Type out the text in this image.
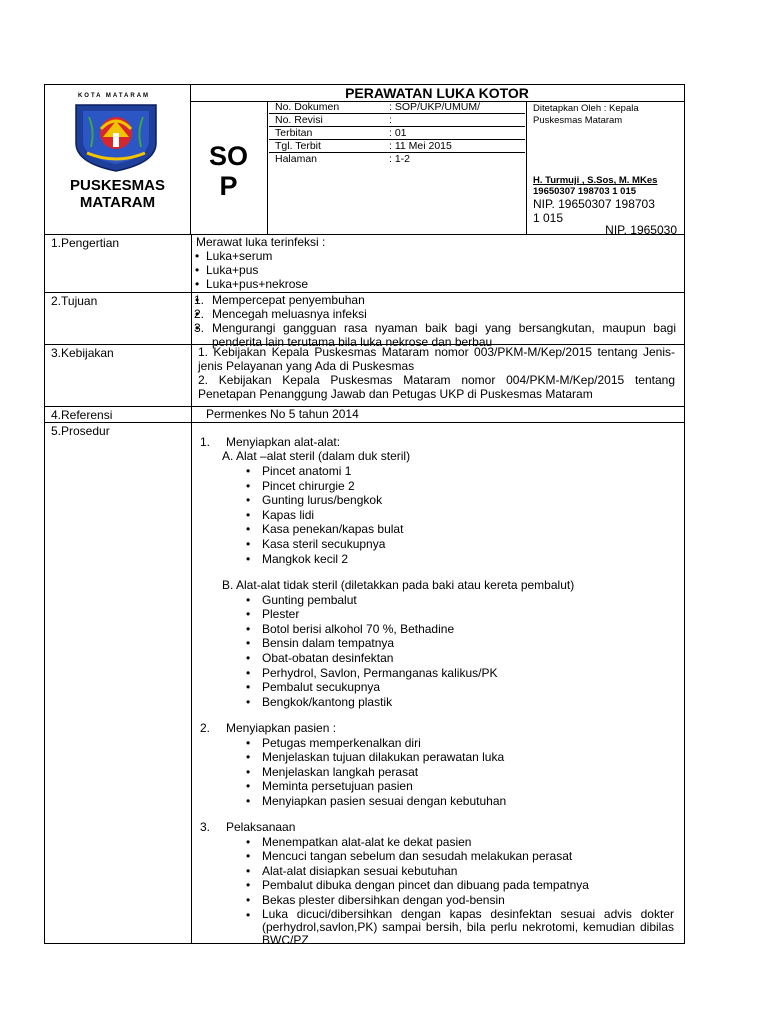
KOTA MATARAM
PUSKESMAS
MATARAM
PERAWATAN LUKA KOTOR
SO
P
No. Dokumen	: SOP/UKP/UMUM/
No. Revisi	:
Terbitan	: 01
Tgl. Terbit	: 11 Mei 2015
Halaman	: 1-2
Ditetapkan Oleh : Kepala
Puskesmas Mataram
H. Turmuji , S.Sos, M. MKes
19650307 198703 1 015
NIP. 19650307 198703
1 015
NIP. 1965030
1.Pengertian	Merawat luka terinfeksi :
• Luka+serum
• Luka+pus
• Luka+pus+nekrose
2.Tujuan
•	1. Mempercepat penyembuhan
• 2. Mencegah meluasnya infeksi
• 3. Mengurangi gangguan rasa nyaman baik bagi yang bersangkutan, maupun bagi penderita lain terutama bila luka nekrose dan berbau
3.Kebijakan	1. Kebijakan Kepala Puskesmas Mataram nomor 003/PKM-M/Kep/2015 tentang Jenis-jenis Pelayanan yang Ada di Puskesmas
2. Kebijakan Kepala Puskesmas Mataram nomor 004/PKM-M/Kep/2015 tentang Penetapan Penanggung Jawab dan Petugas UKP di Puskesmas Mataram
4.Referensi	Permenkes No 5 tahun 2014
5.Prosedur
1. Menyiapkan alat-alat:
A. Alat –alat steril (dalam duk steril)
• Pincet anatomi 1
• Pincet chirurgie 2
• Gunting lurus/bengkok
• Kapas lidi
• Kasa penekan/kapas bulat
• Kasa steril secukupnya
• Mangkok kecil 2
B. Alat-alat tidak steril (diletakkan pada baki atau kereta pembalut)
• Gunting pembalut
• Plester
• Botol berisi alkohol 70 %, Bethadine
• Bensin dalam tempatnya
• Obat-obatan desinfektan
• Perhydrol, Savlon, Permanganas kalikus/PK
• Pembalut secukupnya
• Bengkok/kantong plastik
2. Menyiapkan pasien :
• Petugas memperkenalkan diri
• Menjelaskan tujuan dilakukan perawatan luka
• Menjelaskan langkah perasat
• Meminta persetujuan pasien
• Menyiapkan pasien sesuai dengan kebutuhan
3. Pelaksanaan
• Menempatkan alat-alat ke dekat pasien
• Mencuci tangan sebelum dan sesudah melakukan perasat
• Alat-alat disiapkan sesuai kebutuhan
• Pembalut dibuka dengan pincet dan dibuang pada tempatnya
• Bekas plester dibersihkan dengan yod-bensin
• Luka dicuci/dibersihkan dengan kapas desinfektan sesuai advis dokter (perhydrol,savlon,PK) sampai bersih, bila perlu nekrotomi, kemudian dibilas BWC/PZ
